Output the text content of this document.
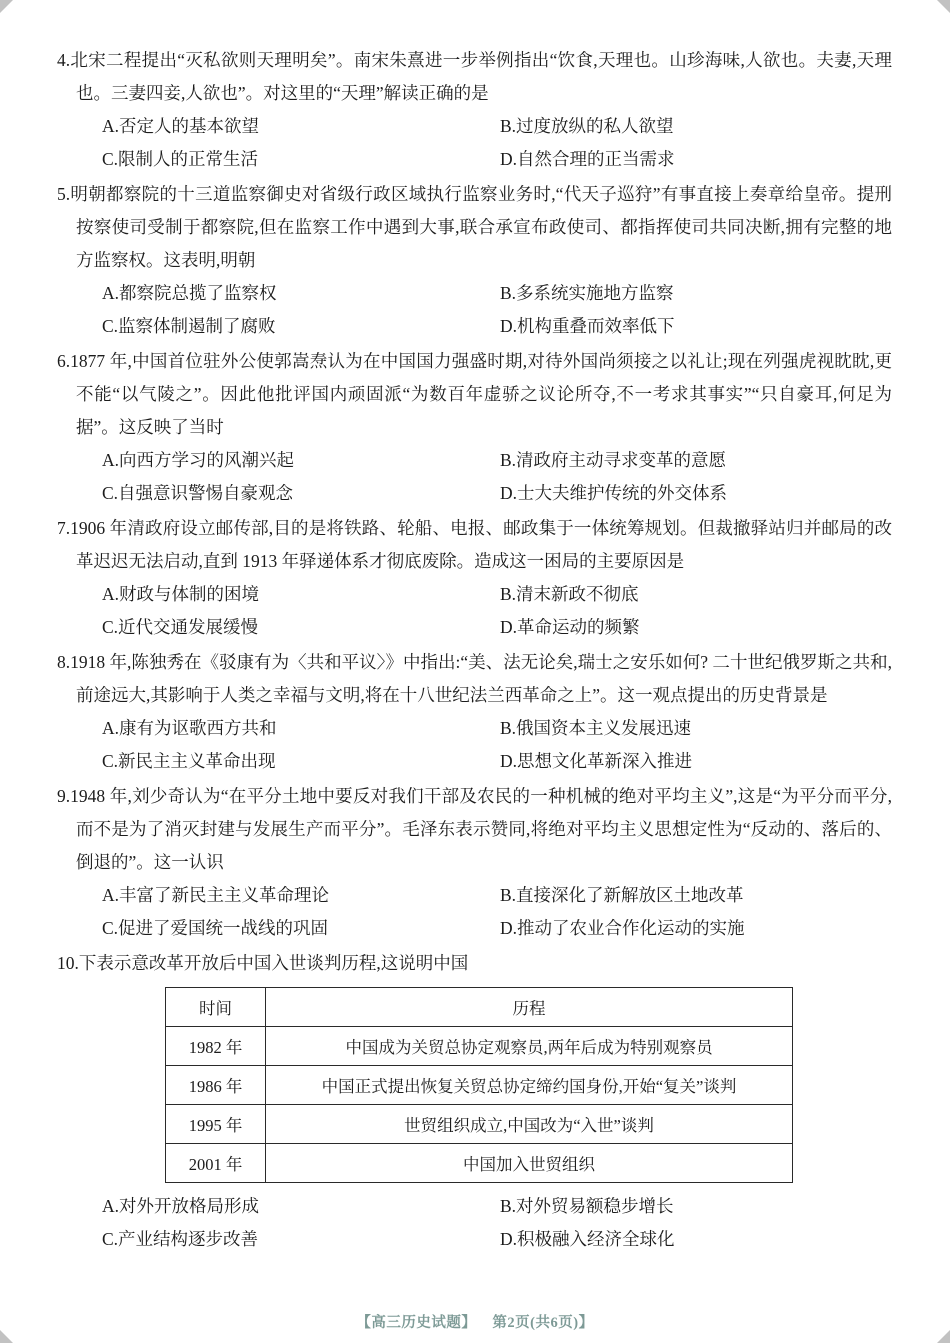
4.北宋二程提出“灭私欲则天理明矣”。南宋朱熹进一步举例指出“饮食,天理也。山珍海味,人欲也。夫妻,天理也。三妻四妾,人欲也”。对这里的“天理”解读正确的是

A.否定人的基本欲望	B.过度放纵的私人欲望
C.限制人的正常生活	D.自然合理的正当需求

5.明朝都察院的十三道监察御史对省级行政区域执行监察业务时,“代天子巡狩”有事直接上奏章给皇帝。提刑按察使司受制于都察院,但在监察工作中遇到大事,联合承宣布政使司、都指挥使司共同决断,拥有完整的地方监察权。这表明,明朝

A.都察院总揽了监察权	B.多系统实施地方监察
C.监察体制遏制了腐败	D.机构重叠而效率低下

6.1877 年,中国首位驻外公使郭嵩焘认为在中国国力强盛时期,对待外国尚须接之以礼让;现在列强虎视眈眈,更不能“以气陵之”。因此他批评国内顽固派“为数百年虚骄之议论所夺,不一考求其事实”“只自豪耳,何足为据”。这反映了当时

A.向西方学习的风潮兴起	B.清政府主动寻求变革的意愿
C.自强意识警惕自豪观念	D.士大夫维护传统的外交体系

7.1906 年清政府设立邮传部,目的是将铁路、轮船、电报、邮政集于一体统筹规划。但裁撤驿站归并邮局的改革迟迟无法启动,直到 1913 年驿递体系才彻底废除。造成这一困局的主要原因是

A.财政与体制的困境	B.清末新政不彻底
C.近代交通发展缓慢	D.革命运动的频繁

8.1918 年,陈独秀在《驳康有为〈共和平议〉》中指出:“美、法无论矣,瑞士之安乐如何? 二十世纪俄罗斯之共和,前途远大,其影响于人类之幸福与文明,将在十八世纪法兰西革命之上”。这一观点提出的历史背景是

A.康有为讴歌西方共和	B.俄国资本主义发展迅速
C.新民主主义革命出现	D.思想文化革新深入推进

9.1948 年,刘少奇认为“在平分土地中要反对我们干部及农民的一种机械的绝对平均主义”,这是“为平分而平分,而不是为了消灭封建与发展生产而平分”。毛泽东表示赞同,将绝对平均主义思想定性为“反动的、落后的、倒退的”。这一认识

A.丰富了新民主主义革命理论	B.直接深化了新解放区土地改革
C.促进了爱国统一战线的巩固	D.推动了农业合作化运动的实施

10.下表示意改革开放后中国入世谈判历程,这说明中国

时间	历程
1982 年	中国成为关贸总协定观察员,两年后成为特别观察员
1986 年	中国正式提出恢复关贸总协定缔约国身份,开始“复关”谈判
1995 年	世贸组织成立,中国改为“入世”谈判
2001 年	中国加入世贸组织
A.对外开放格局形成	B.对外贸易额稳步增长
C.产业结构逐步改善	D.积极融入经济全球化
【高三历史试题】 第2页(共6页)】
